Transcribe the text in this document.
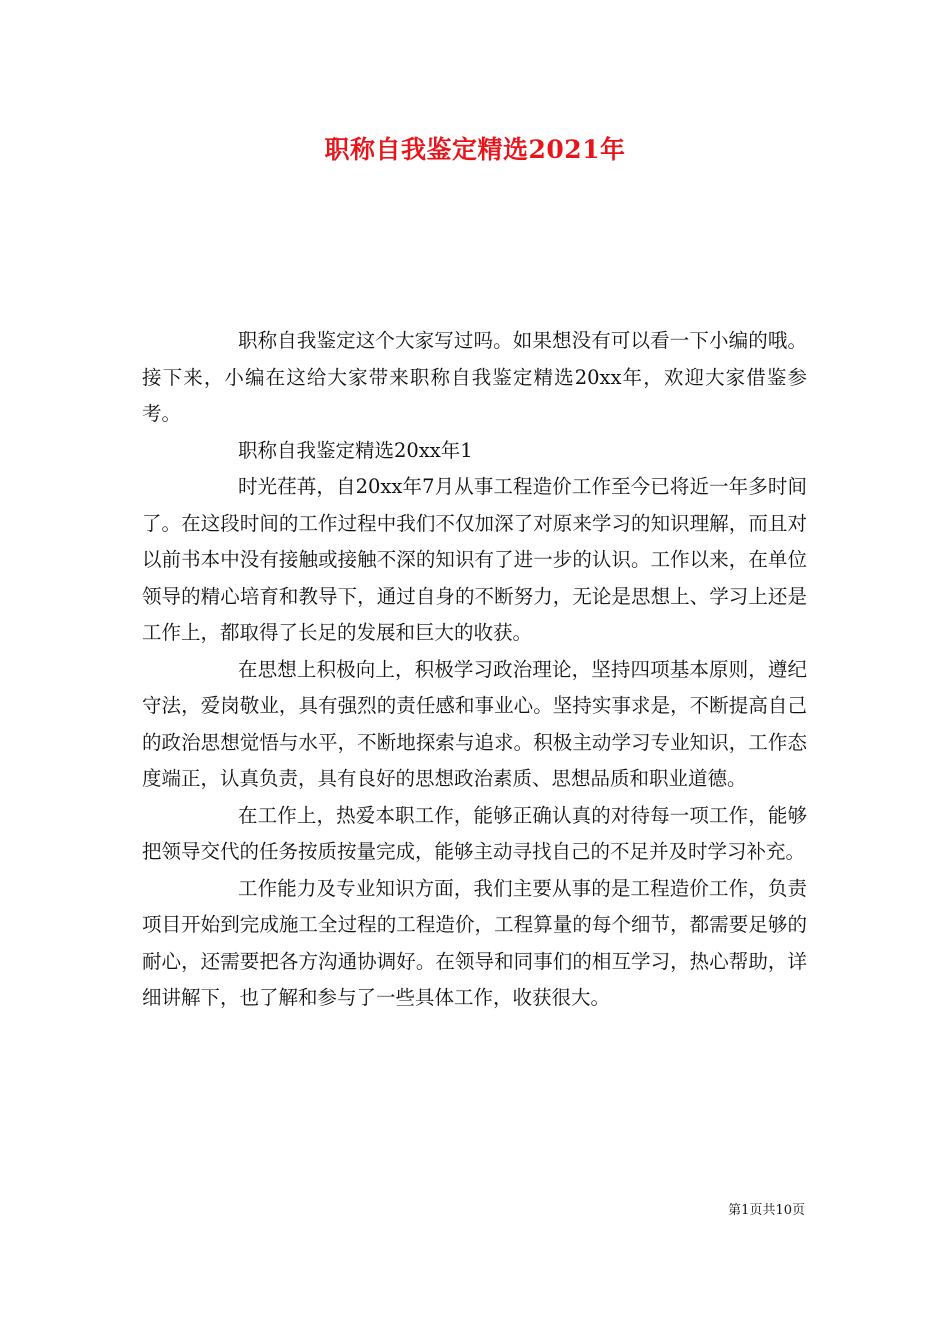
职称自我鉴定精选2021年

职称自我鉴定这个大家写过吗。如果想没有可以看一下小编的哦。接下来，小编在这给大家带来职称自我鉴定精选20xx年，欢迎大家借鉴参考。

职称自我鉴定精选20xx年1

时光荏苒，自20xx年7月从事工程造价工作至今已将近一年多时间了。在这段时间的工作过程中我们不仅加深了对原来学习的知识理解，而且对以前书本中没有接触或接触不深的知识有了进一步的认识。工作以来，在单位领导的精心培育和教导下，通过自身的不断努力，无论是思想上、学习上还是工作上，都取得了长足的发展和巨大的收获。

在思想上积极向上，积极学习政治理论，坚持四项基本原则，遵纪守法，爱岗敬业，具有强烈的责任感和事业心。坚持实事求是，不断提高自己的政治思想觉悟与水平，不断地探索与追求。积极主动学习专业知识，工作态度端正，认真负责，具有良好的思想政治素质、思想品质和职业道德。

在工作上，热爱本职工作，能够正确认真的对待每一项工作，能够把领导交代的任务按质按量完成，能够主动寻找自己的不足并及时学习补充。

工作能力及专业知识方面，我们主要从事的是工程造价工作，负责项目开始到完成施工全过程的工程造价，工程算量的每个细节，都需要足够的耐心，还需要把各方沟通协调好。在领导和同事们的相互学习，热心帮助，详细讲解下，也了解和参与了一些具体工作，收获很大。

第1页共10页
